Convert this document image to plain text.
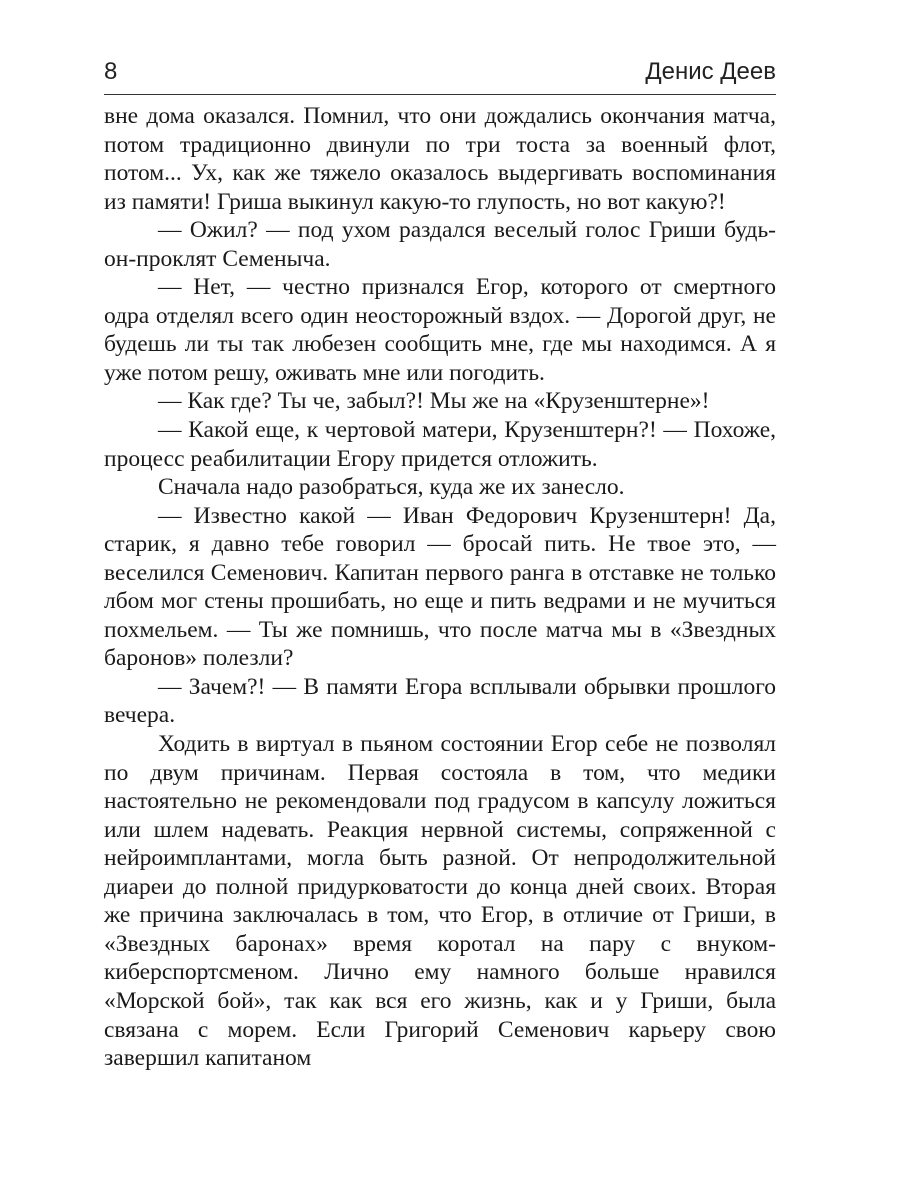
8	Денис Деев

вне дома оказался. Помнил, что они дождались окончания матча, потом традиционно двинули по три тоста за военный флот, потом... Ух, как же тяжело оказалось выдергивать воспоминания из памяти! Гриша выкинул какую-то глупость, но вот какую?!

— Ожил? — под ухом раздался веселый голос Гриши будь-он-проклят Семеныча.

— Нет, — честно признался Егор, которого от смертного одра отделял всего один неосторожный вздох. — Дорогой друг, не будешь ли ты так любезен сообщить мне, где мы находимся. А я уже потом решу, оживать мне или погодить.

— Как где? Ты че, забыл?! Мы же на «Крузенштерне»!

— Какой еще, к чертовой матери, Крузенштерн?! — Похоже, процесс реабилитации Егору придется отложить.

Сначала надо разобраться, куда же их занесло.

— Известно какой — Иван Федорович Крузенштерн! Да, старик, я давно тебе говорил — бросай пить. Не твое это, — веселился Семенович. Капитан первого ранга в отставке не только лбом мог стены прошибать, но еще и пить ведрами и не мучиться похмельем. — Ты же помнишь, что после матча мы в «Звездных баронов» полезли?

— Зачем?! — В памяти Егора всплывали обрывки прошлого вечера.

Ходить в виртуал в пьяном состоянии Егор себе не позволял по двум причинам. Первая состояла в том, что медики настоятельно не рекомендовали под градусом в капсулу ложиться или шлем надевать. Реакция нервной системы, сопряженной с нейроимплантами, могла быть разной. От непродолжительной диареи до полной придурковатости до конца дней своих. Вторая же причина заключалась в том, что Егор, в отличие от Гриши, в «Звездных баронах» время коротал на пару с внуком-киберспортсменом. Лично ему намного больше нравился «Морской бой», так как вся его жизнь, как и у Гриши, была связана с морем. Если Григорий Семенович карьеру свою завершил капитаном
